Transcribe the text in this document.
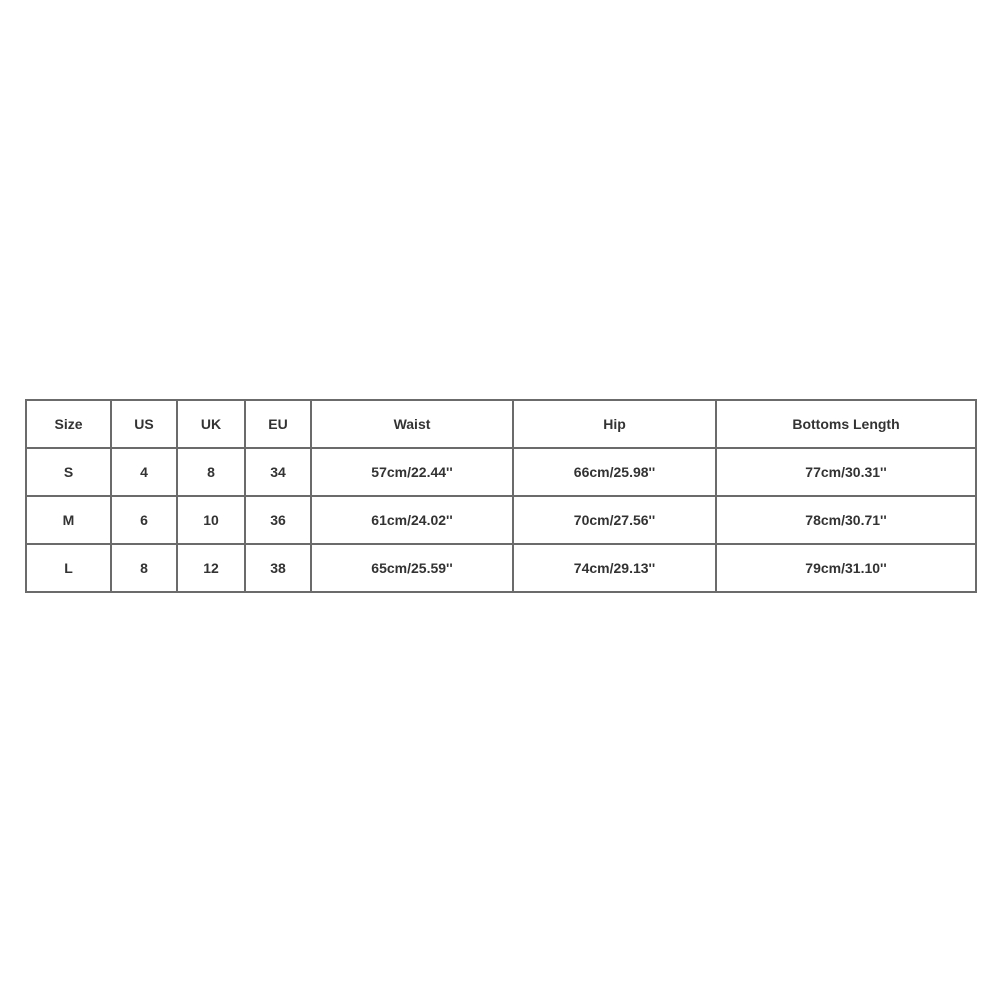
Size	US	UK	EU	Waist	Hip	Bottoms Length
S	4	8	34	57cm/22.44''	66cm/25.98''	77cm/30.31''
M	6	10	36	61cm/24.02''	70cm/27.56''	78cm/30.71''
L	8	12	38	65cm/25.59''	74cm/29.13''	79cm/31.10''
